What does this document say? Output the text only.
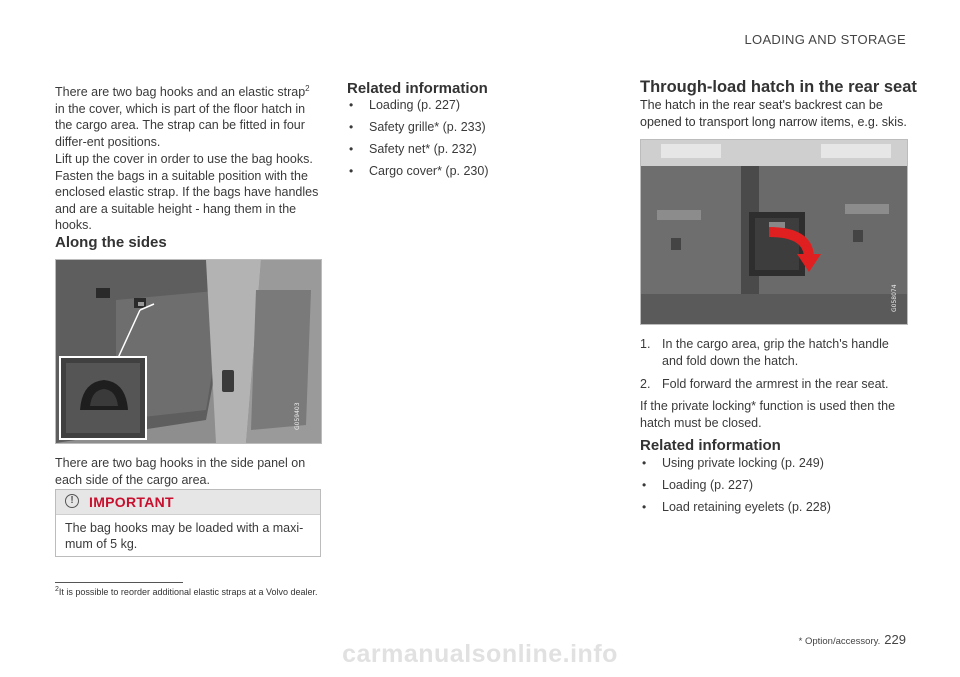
LOADING AND STORAGE

There are two bag hooks and an elastic strap$^2$ in the cover, which is part of the floor hatch in the cargo area. The strap can be fitted in four differ-ent positions.

Lift up the cover in order to use the bag hooks. Fasten the bags in a suitable position with the enclosed elastic strap. If the bags have handles and are a suitable height - hang them in the hooks.

Along the sides
G059403

There are two bag hooks in the side panel on each side of the cargo area.

!	IMPORTANT
The bag hooks may be loaded with a maxi-mum of 5 kg.
Related information
• Loading (p. 227)
• Safety grille* (p. 233)
• Safety net* (p. 232)
• Cargo cover* (p. 230)
Through-load hatch in the rear seat

The hatch in the rear seat's backrest can be opened to transport long narrow items, e.g. skis.

G058074
1. In the cargo area, grip the hatch's handle and fold down the hatch.
2. Fold forward the armrest in the rear seat.

If the private locking* function is used then the hatch must be closed.

Related information
• Using private locking (p. 249)
• Loading (p. 227)
• Load retaining eyelets (p. 228)
$^2$It is possible to reorder additional elastic straps at a Volvo dealer.
* Option/accessory. 229
carmanualsonline.info
